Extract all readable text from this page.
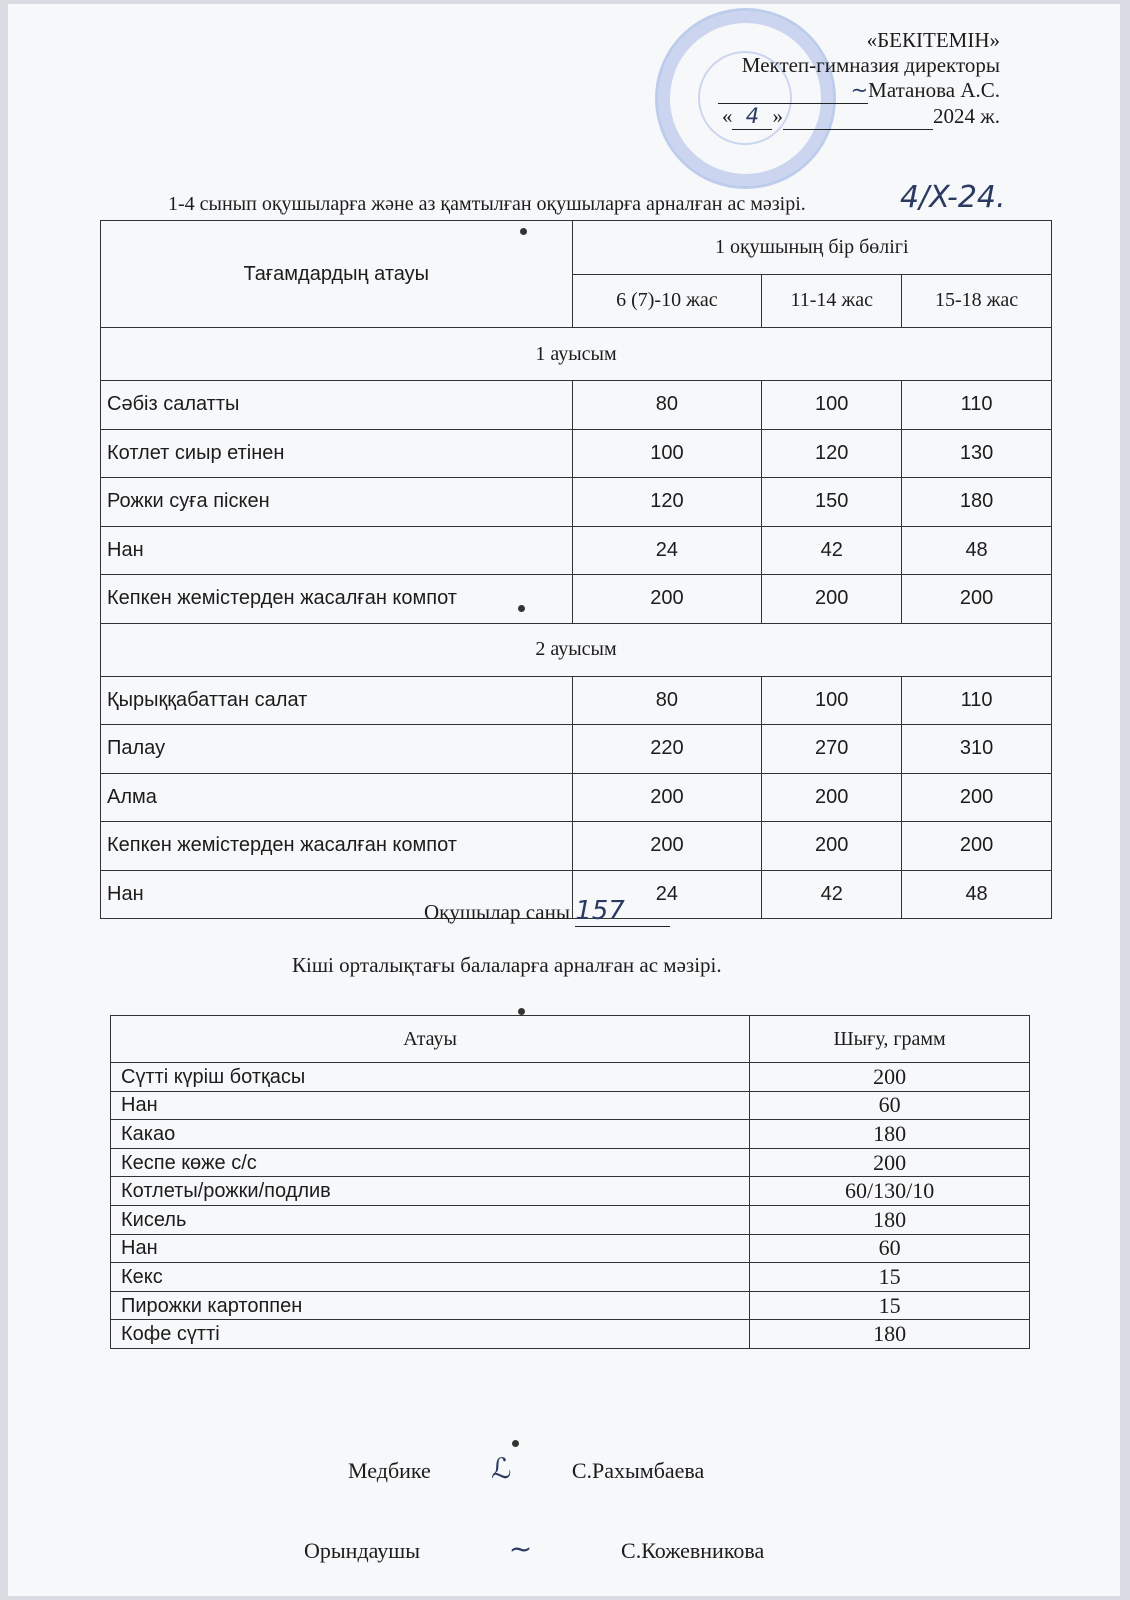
«БЕКІТЕМІН»
Мектеп-гимназия директоры
~Матанова А.С.
« 4 »	2024 ж.
1-4 сынып оқушыларға және аз қамтылған оқушыларға арналған ас мәзірі.	4/X-24.
Тағамдардың атауы	1 оқушының бір бөлігі		
	6 (7)-10 жас	11-14 жас	15-18 жас
1 ауысым			
Сәбіз салатты	80	100	110
Котлет сиыр етінен	100	120	130
Рожки суға піскен	120	150	180
Нан	24	42	48
Кепкен жемістерден жасалған компот	200	200	200
2 ауысым			
Қырыққабаттан салат	80	100	110
Палау	220	270	310
Алма	200	200	200
Кепкен жемістерден жасалған компот	200	200	200
Нан	24	42	48
Оқушылар саны 157
Кіші орталықтағы балаларға арналған ас мәзірі.
Атауы	Шығу, грамм
Сүтті күріш ботқасы	200
Нан	60
Какао	180
Кеспе көже с/с	200
Котлеты/рожки/подлив	60/130/10
Кисель	180
Нан	60
Кекс	15
Пирожки картоппен	15
Кофе сүтті	180
Медбике ℒ	С.Рахымбаева
Орындаушы	~	С.Кожевникова
